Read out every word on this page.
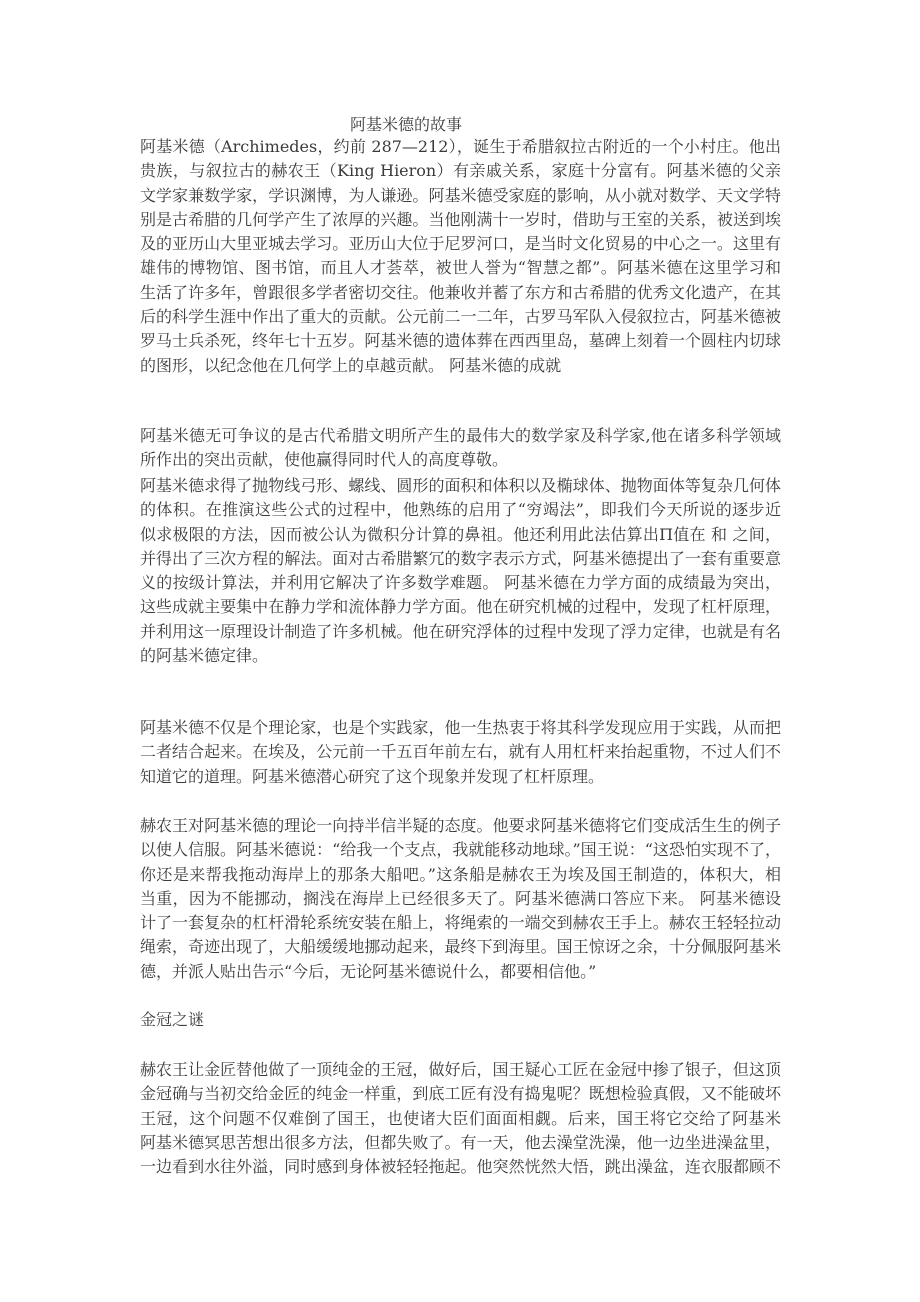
阿基米德的故事
阿基米德（Archimedes，约前 287—212），诞生于希腊叙拉古附近的一个小村庄。他出
贵族，与叙拉古的赫农王（King Hieron）有亲戚关系，家庭十分富有。阿基米德的父亲
文学家兼数学家，学识渊博，为人谦逊。阿基米德受家庭的影响，从小就对数学、天文学特
别是古希腊的几何学产生了浓厚的兴趣。当他刚满十一岁时，借助与王室的关系，被送到埃
及的亚历山大里亚城去学习。亚历山大位于尼罗河口，是当时文化贸易的中心之一。这里有
雄伟的博物馆、图书馆，而且人才荟萃，被世人誉为“智慧之都”。阿基米德在这里学习和
生活了许多年，曾跟很多学者密切交往。他兼收并蓄了东方和古希腊的优秀文化遗产，在其
后的科学生涯中作出了重大的贡献。公元前二一二年，古罗马军队入侵叙拉古，阿基米德被
罗马士兵杀死，终年七十五岁。阿基米德的遗体葬在西西里岛，墓碑上刻着一个圆柱内切球
的图形，以纪念他在几何学上的卓越贡献。 阿基米德的成就
阿基米德无可争议的是古代希腊文明所产生的最伟大的数学家及科学家,他在诸多科学领域
所作出的突出贡献，使他赢得同时代人的高度尊敬。
阿基米德求得了抛物线弓形、螺线、圆形的面积和体积以及椭球体、抛物面体等复杂几何体
的体积。在推演这些公式的过程中，他熟练的启用了“穷竭法”，即我们今天所说的逐步近
似求极限的方法，因而被公认为微积分计算的鼻祖。他还利用此法估算出Π值在 和 之间，
并得出了三次方程的解法。面对古希腊繁冗的数字表示方式，阿基米德提出了一套有重要意
义的按级计算法，并利用它解决了许多数学难题。 阿基米德在力学方面的成绩最为突出，
这些成就主要集中在静力学和流体静力学方面。他在研究机械的过程中，发现了杠杆原理，
并利用这一原理设计制造了许多机械。他在研究浮体的过程中发现了浮力定律，也就是有名
的阿基米德定律。
阿基米德不仅是个理论家，也是个实践家，他一生热衷于将其科学发现应用于实践，从而把
二者结合起来。在埃及，公元前一千五百年前左右，就有人用杠杆来抬起重物，不过人们不
知道它的道理。阿基米德潜心研究了这个现象并发现了杠杆原理。
赫农王对阿基米德的理论一向持半信半疑的态度。他要求阿基米德将它们变成活生生的例子
以使人信服。阿基米德说：“给我一个支点，我就能移动地球。”国王说：“这恐怕实现不了，
你还是来帮我拖动海岸上的那条大船吧。”这条船是赫农王为埃及国王制造的，体积大，相
当重，因为不能挪动，搁浅在海岸上已经很多天了。阿基米德满口答应下来。 阿基米德设
计了一套复杂的杠杆滑轮系统安装在船上，将绳索的一端交到赫农王手上。赫农王轻轻拉动
绳索，奇迹出现了，大船缓缓地挪动起来，最终下到海里。国王惊讶之余，十分佩服阿基米
德，并派人贴出告示“今后，无论阿基米德说什么，都要相信他。”
金冠之谜
赫农王让金匠替他做了一顶纯金的王冠，做好后，国王疑心工匠在金冠中掺了银子，但这顶
金冠确与当初交给金匠的纯金一样重，到底工匠有没有捣鬼呢？既想检验真假，又不能破坏
王冠，这个问题不仅难倒了国王，也使诸大臣们面面相觑。后来，国王将它交给了阿基米
阿基米德冥思苦想出很多方法，但都失败了。有一天，他去澡堂洗澡，他一边坐进澡盆里，
一边看到水往外溢，同时感到身体被轻轻拖起。他突然恍然大悟，跳出澡盆，连衣服都顾不
